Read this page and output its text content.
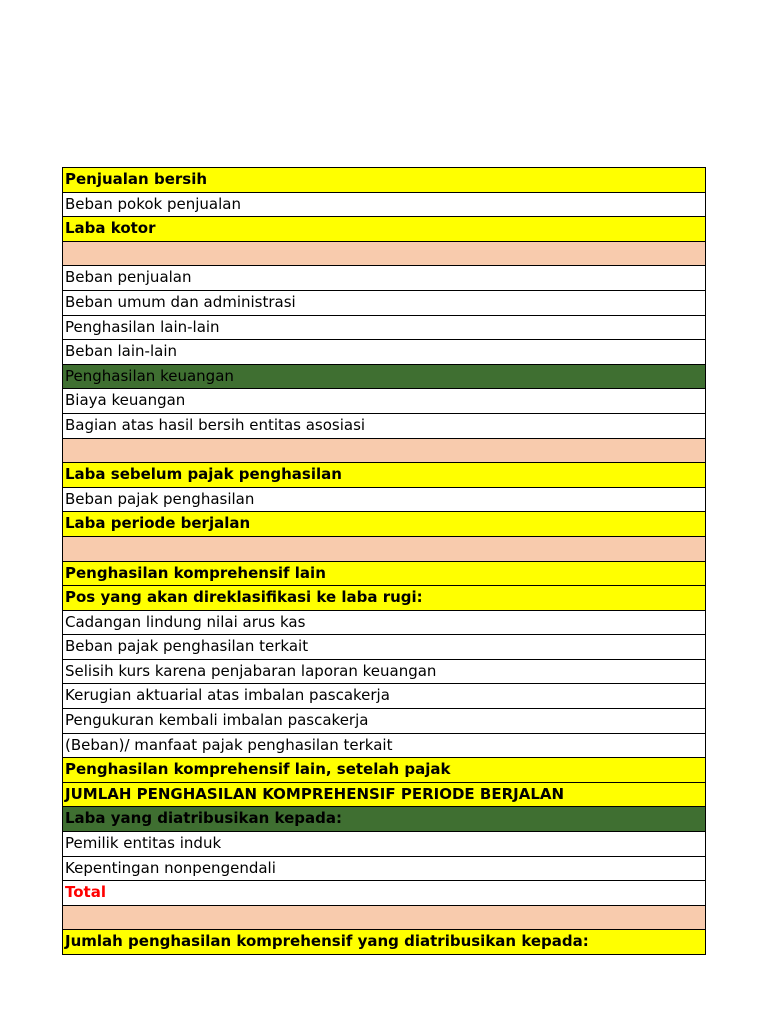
Penjualan bersih
Beban pokok penjualan
Laba kotor
Beban penjualan
Beban umum dan administrasi
Penghasilan lain-lain
Beban lain-lain
Penghasilan keuangan
Biaya keuangan
Bagian atas hasil bersih entitas asosiasi
Laba sebelum pajak penghasilan
Beban pajak penghasilan
Laba periode berjalan
Penghasilan komprehensif lain
Pos yang akan direklasifikasi ke laba rugi:
Cadangan lindung nilai arus kas
Beban pajak penghasilan terkait
Selisih kurs karena penjabaran laporan keuangan
Kerugian aktuarial atas imbalan pascakerja
Pengukuran kembali imbalan pascakerja
(Beban)/ manfaat pajak penghasilan terkait
Penghasilan komprehensif lain, setelah pajak
JUMLAH PENGHASILAN KOMPREHENSIF PERIODE BERJALAN
Laba yang diatribusikan kepada:
Pemilik entitas induk
Kepentingan nonpengendali
Total
Jumlah penghasilan komprehensif yang diatribusikan kepada:
